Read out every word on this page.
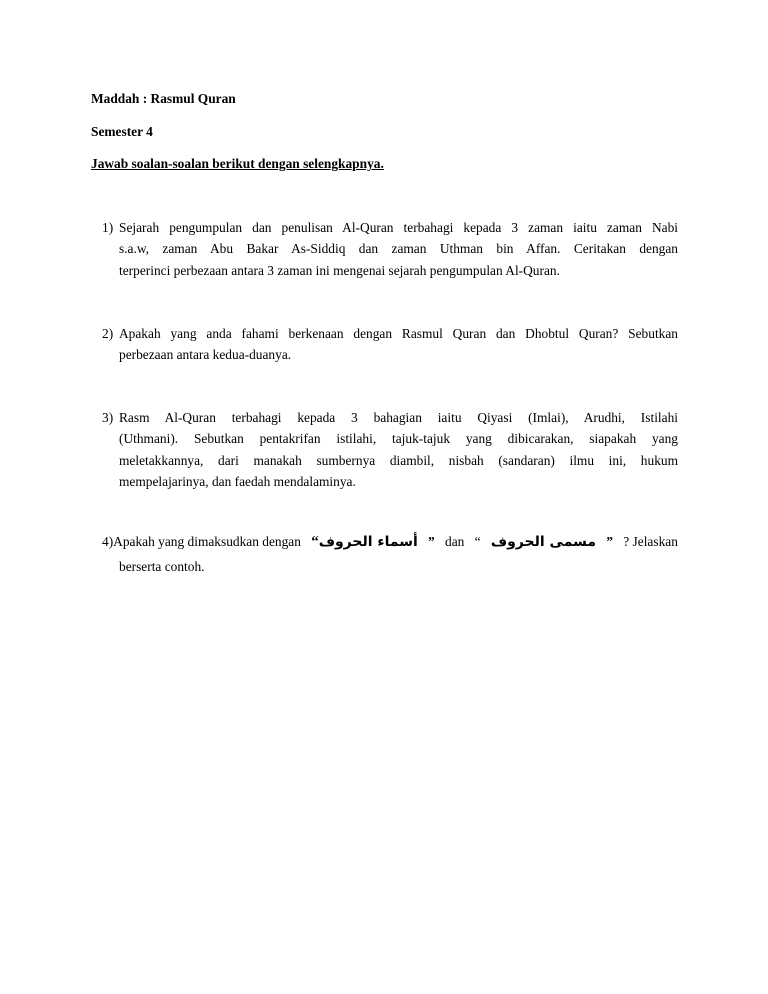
Maddah : Rasmul Quran
Semester 4
Jawab soalan-soalan berikut dengan selengkapnya.
1) Sejarah pengumpulan dan penulisan Al-Quran terbahagi kepada 3 zaman iaitu zaman Nabi
s.a.w, zaman Abu Bakar As-Siddiq dan zaman Uthman bin Affan. Ceritakan dengan
terperinci perbezaan antara 3 zaman ini mengenai sejarah pengumpulan Al-Quran.
2) Apakah yang anda fahami berkenaan dengan Rasmul Quran dan Dhobtul Quran? Sebutkan
perbezaan antara kedua-duanya.
3) Rasm Al-Quran terbahagi kepada 3 bahagian iaitu Qiyasi (Imlai), Arudhi, Istilahi
(Uthmani). Sebutkan pentakrifan istilahi, tajuk-tajuk yang dibicarakan, siapakah yang
meletakkannya, dari manakah sumbernya diambil, nisbah (sandaran) ilmu ini, hukum
mempelajarinya, dan faedah mendalaminya.
4)Apakah yang dimaksudkan dengan “أسماء الحروف ” dan “ مسمى الحروف ” ? Jelaskan
berserta contoh.
